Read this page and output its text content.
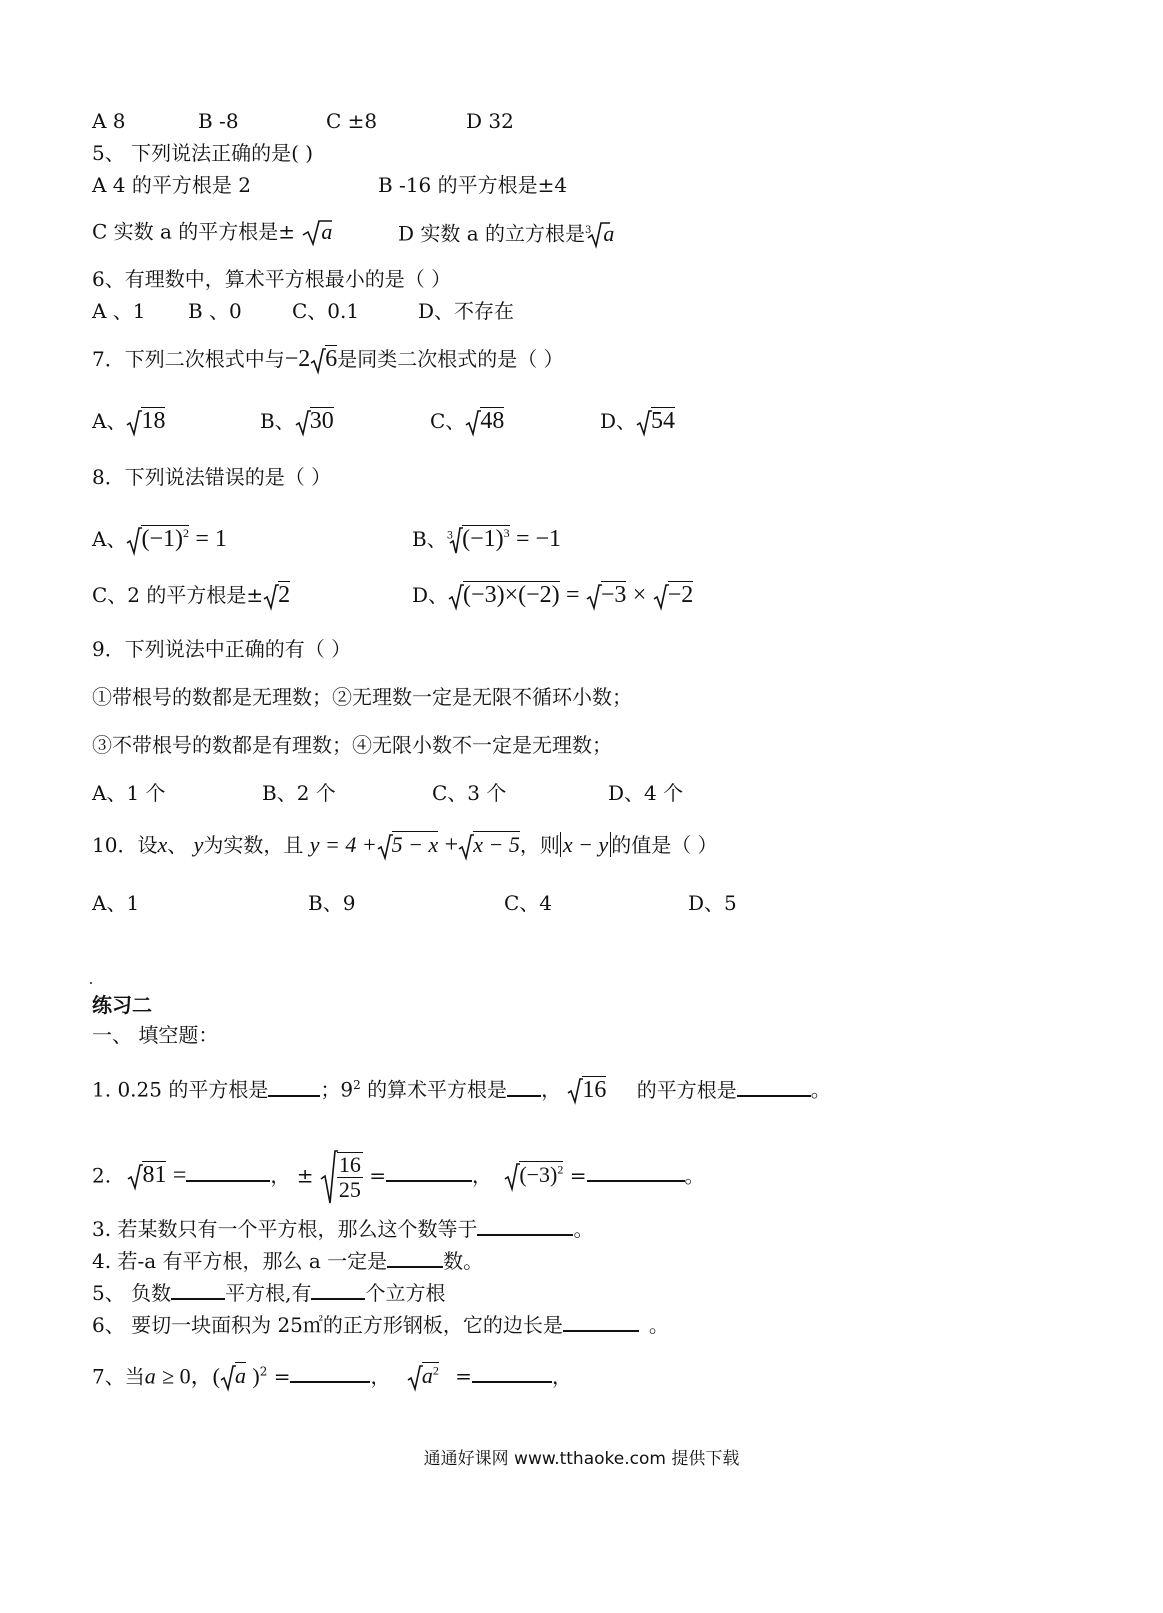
A 8	B -8	C ±8	D 32
5、 下列说法正确的是( )
A 4 的平方根是 2	B -16 的平方根是±4
C 实数 a 的平方根是± a	D 实数 a 的立方根是$^3$ a
6、有理数中，算术平方根最小的是（ ）
A 、1 B 、0	C、0.1	D、不存在
7．下列二次根式中与−2 6是同类二次根式的是（ ）
A、 18	B、 30	C、 48	D、 54
8．下列说法错误的是（ ）
A、 $(-1)^2 = 1$	B、$^3$ $(-1)^3 = -1$
C、2 的平方根是± 2	D、 (−3)×(−2) = −3 × −2
9．下列说法中正确的有（ ）
①带根号的数都是无理数；②无理数一定是无限不循环小数；
③不带根号的数都是有理数；④无限小数不一定是无理数；
A、1 个	B、2 个	C、3 个	D、4 个
10．设x、 y为实数，且 y = 4 + 5 − x + x − 5，则 x − y 的值是（ ）
A、1	B、9	C、4	D、5
练习二
一、 填空题：
1. 0.25 的平方根是	；$9^2$ 的算术平方根是 ， 16 的平方根是	。
2. 81 =	， ± $\frac{16}{25}$ =	， $(-3)^2$ =	。
3. 若某数只有一个平方根，那么这个数等于	。
4. 若-a 有平方根，那么 a 一定是	数。
5、 负数	平方根,有	个立方根
6、 要切一块面积为 25㎡的正方形钢板，它的边长是	。
7、当a ≥ 0，( a )$^2$ =	， $a^2$ =	，
通通好课网 www.tthaoke.com 提供下载
